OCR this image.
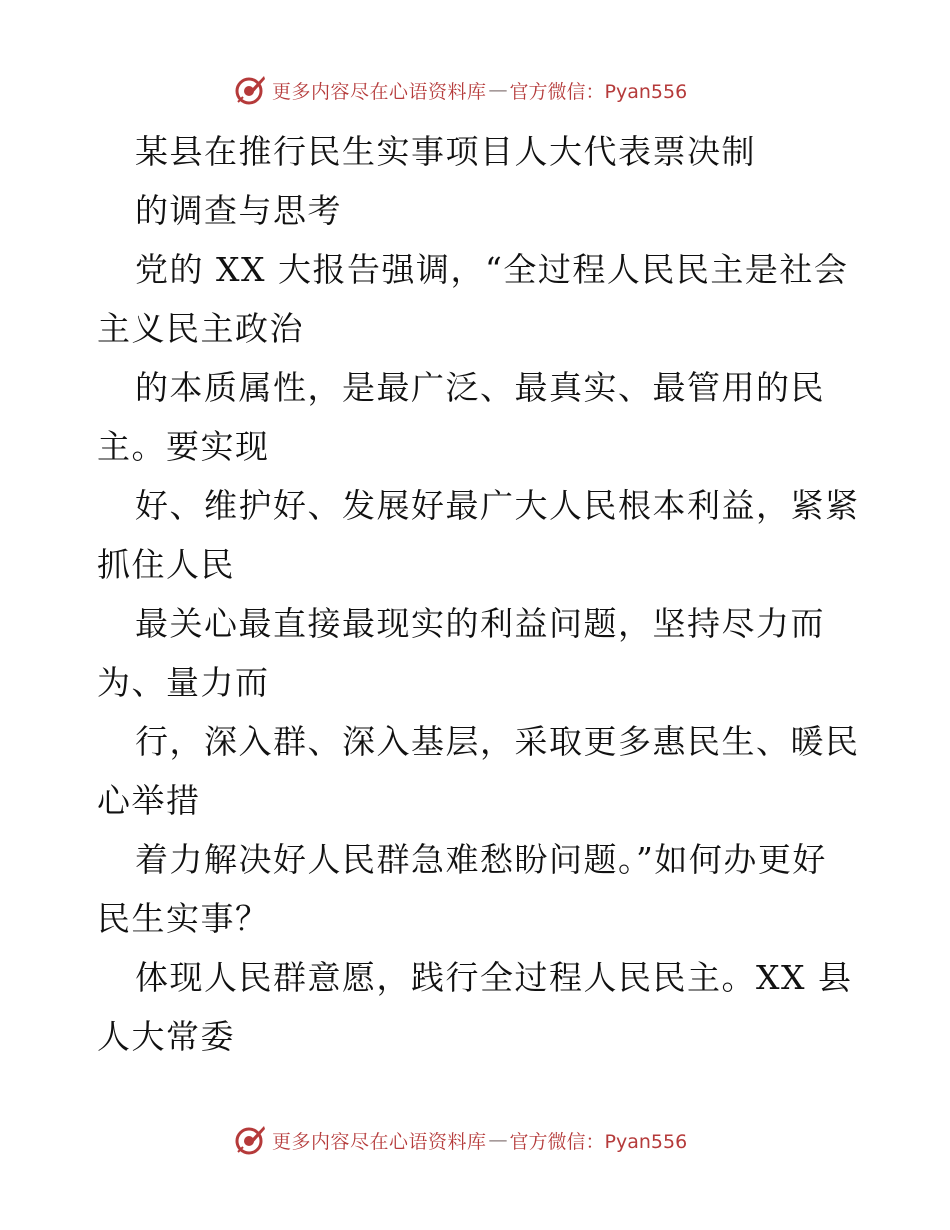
更多内容尽在心语资料库 — 官方微信：Pyan556
某县在推行民生实事项目人大代表票决制
的调查与思考
党的 XX 大报告强调，“全过程人民民主是社会
主义民主政治
的本质属性，是最广泛、最真实、最管用的民
主。要实现
好、维护好、发展好最广大人民根本利益，紧紧
抓住人民
最关心最直接最现实的利益问题，坚持尽力而
为、量力而
行，深入群、深入基层，采取更多惠民生、暖民
心举措
着力解决好人民群急难愁盼问题。”如何办更好
民生实事？
体现人民群意愿，践行全过程人民民主。XX 县
人大常委
更多内容尽在心语资料库 — 官方微信：Pyan556
